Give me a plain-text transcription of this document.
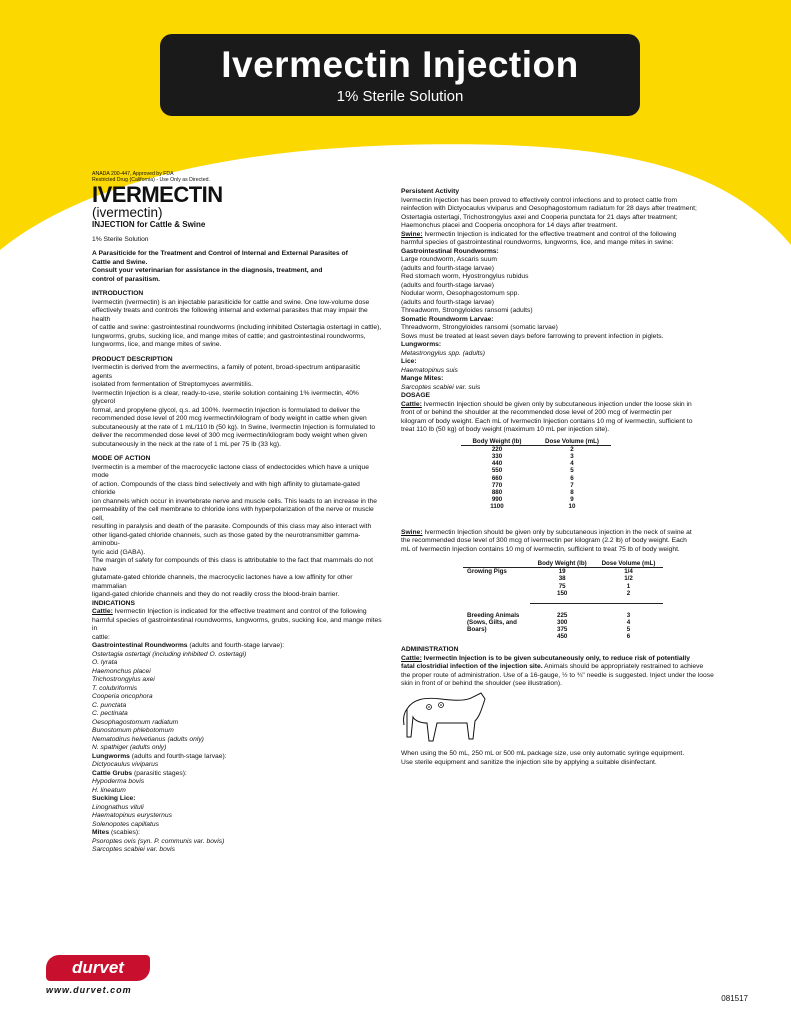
Ivermectin Injection
1% Sterile Solution
ANADA 200-447, Approved by FDA
Restricted Drug (California) - Use Only as Directed.
IVERMECTIN
(ivermectin)
INJECTION for Cattle & Swine
1% Sterile Solution
A Parasiticide for the Treatment and Control of Internal and External Parasites of
Cattle and Swine.
Consult your veterinarian for assistance in the diagnosis, treatment, and
control of parasitism.
INTRODUCTION
Ivermectin (ivermectin) is an injectable parasiticide for cattle and swine. One low-volume dose
effectively treats and controls the following internal and external parasites that may impair the health
of cattle and swine: gastrointestinal roundworms (including inhibited Ostertagia ostertagi in cattle),
lungworms, grubs, sucking lice, and mange mites of cattle; and gastrointestinal roundworms,
lungworms, lice, and mange mites of swine.
PRODUCT DESCRIPTION
Ivermectin is derived from the avermectins, a family of potent, broad-spectrum antiparasitic agents
isolated from fermentation of Streptomyces avermitilis.
Ivermectin Injection is a clear, ready-to-use, sterile solution containing 1% ivermectin, 40% glycerol
formal, and propylene glycol, q.s. ad 100%. Ivermectin Injection is formulated to deliver the
recommended dose level of 200 mcg ivermectin/kilogram of body weight in cattle when given
subcutaneously at the rate of 1 mL/110 lb (50 kg). In Swine, Ivermectin Injection is formulated to
deliver the recommended dose level of 300 mcg ivermectin/kilogram body weight when given
subcutaneously in the neck at the rate of 1 mL per 75 lb (33 kg).
MODE OF ACTION
Ivermectin is a member of the macrocyclic lactone class of endectocides which have a unique mode
of action. Compounds of the class bind selectively and with high affinity to glutamate-gated chloride
ion channels which occur in invertebrate nerve and muscle cells. This leads to an increase in the
permeability of the cell membrane to chloride ions with hyperpolarization of the nerve or muscle cell,
resulting in paralysis and death of the parasite. Compounds of this class may also interact with
other ligand-gated chloride channels, such as those gated by the neurotransmitter gamma-aminobu-
tyric acid (GABA).
The margin of safety for compounds of this class is attributable to the fact that mammals do not have
glutamate-gated chloride channels, the macrocyclic lactones have a low affinity for other mammalian
ligand-gated chloride channels and they do not readily cross the blood-brain barrier.
INDICATIONS
Cattle: Ivermectin Injection is indicated for the effective treatment and control of the following
harmful species of gastrointestinal roundworms, lungworms, grubs, sucking lice, and mange mites in
cattle:
Gastrointestinal Roundworms (adults and fourth-stage larvae):
Ostertagia ostertagi (including inhibited O. ostertagi)
O. lyrata
Haemonchus placei
Trichostrongylus axei
T. colubriformis
Cooperia oncophora
C. punctata
C. pectinata
Oesophagostomum radiatum
Bunostomum phlebotomum
Nematodirus helvetianus (adults only)
N. spathiger (adults only)
Lungworms (adults and fourth-stage larvae):
Dictyocaulus viviparus
Cattle Grubs (parasitic stages):
Hypoderma bovis
H. lineatum
Sucking Lice:
Linognathus vituli
Haematopinus eurysternus
Solenopotes capillatus
Mites (scabies):
Psoroptes ovis (syn. P. communis var. bovis)
Sarcoptes scabiei var. bovis
Persistent Activity
Ivermectin Injection has been proved to effectively control infections and to protect cattle from
reinfection with Dictyocaulus viviparus and Oesophagostomum radiatum for 28 days after treatment;
Ostertagia ostertagi, Trichostrongylus axei and Cooperia punctata for 21 days after treatment;
Haemonchus placei and Cooperia oncophora for 14 days after treatment.
Swine: Ivermectin Injection is indicated for the effective treatment and control of the following
harmful species of gastrointestinal roundworms, lungworms, lice, and mange mites in swine:
Gastrointestinal Roundworms:
Large roundworm, Ascaris suum
(adults and fourth-stage larvae)
Red stomach worm, Hyostrongylus rubidus
(adults and fourth-stage larvae)
Nodular worm, Oesophagostomum spp.
(adults and fourth-stage larvae)
Threadworm, Strongyloides ransomi (adults)
Somatic Roundworm Larvae:
Threadworm, Strongyloides ransomi (somatic larvae)
Sows must be treated at least seven days before farrowing to prevent infection in piglets.
Lungworms:
Metastrongylus spp. (adults)
Lice:
Haematopinus suis
Mange Mites:
Sarcoptes scabiei var. suis
DOSAGE
Cattle: Ivermectin Injection should be given only by subcutaneous injection under the loose skin in
front of or behind the shoulder at the recommended dose level of 200 mcg of ivermectin per
kilogram of body weight. Each mL of Ivermectin Injection contains 10 mg of ivermectin, sufficient to
treat 110 lb (50 kg) of body weight (maximum 10 mL per injection site).
Body Weight (lb)	Dose Volume (mL)
220	2
330	3
440	4
550	5
660	6
770	7
880	8
990	9
1100	10
Swine: Ivermectin Injection should be given only by subcutaneous injection in the neck of swine at
the recommended dose level of 300 mcg of ivermectin per kilogram (2.2 lb) of body weight. Each
mL of Ivermectin Injection contains 10 mg of ivermectin, sufficient to treat 75 lb of body weight.
	Body Weight (lb)	Dose Volume (mL)
Growing Pigs	19	1/4
	38	1/2
	75	1
	150	2

Breeding Animals	225	3
(Sows, Gilts, and	300	4
Boars)	375	5
	450	6
ADMINISTRATION
Cattle: Ivermectin Injection is to be given subcutaneously only, to reduce risk of potentially
fatal clostridial infection of the injection site. Animals should be appropriately restrained to achieve
the proper route of administration. Use of a 16-gauge, ½ to ¾" needle is suggested. Inject under the loose
skin in front of or behind the shoulder (see illustration).
When using the 50 mL, 250 mL or 500 mL package size, use only automatic syringe equipment.
Use sterile equipment and sanitize the injection site by applying a suitable disinfectant.
durvet
www.durvet.com
081517
